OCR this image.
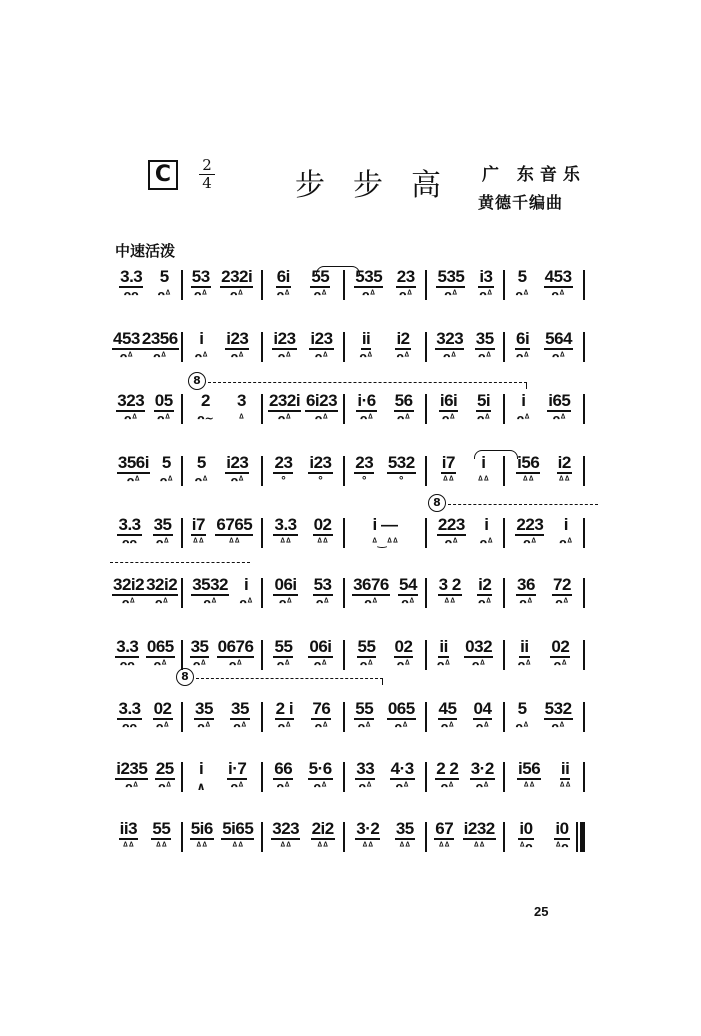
C	2
4	步步高 广 东音乐
黄德千编曲
中速活泼
3.3
ᴖᴖ
5
ᴖᐞ
53
ᴖᐞ
232i
ᴖᐞ
6i
ᴖᐞ
55
ᴖᐞ
535
ᴖᐞ
23
ᴖᐞ
535
ᴖᐞ
i3
ᴖᐞ
5
ᴖᐞ
453
ᴖᐞ
453
ᴖᐞ
2356
ᴖᐞ
i
ᴖᐞ
i23
ᴖᐞ
i23
ᴖᐞ
i23
ᴖᐞ
ii
ᴖᐞ
i2
ᴖᐞ
323
ᴖᐞ
35
ᴖᐞ
6i
ᴖᐞ
564
ᴖᐞ
323
ᴖᐞ
05
ᴖᐞ
2
ᴖ~
3
ᐞ
232i
ᴖᐞ
6i23
ᴖᐞ
i·6
ᴖᐞ
56
ᴖᐞ
i6i
ᴖᐞ
5i
ᴖᐞ
i
ᴖᐞ
i65
ᴖᐞ
356i
ᴖᐞ
5
ᴖᐞ
5
ᴖᐞ
i23
ᴖᐞ
23
°
i23
°
23
°
532
°
i7
ᐞᐞ
i
ᐞᐞ
i56
ᐞᐞ
i2
ᐞᐞ
3.3
ᴖᴖ
35
ᴖᐞ
i7
ᐞᐞ
6765
ᐞᐞ
3.3
ᐞᐞ
02
ᐞᐞ
i —
ᐞ‿ᐞᐞ
223
ᴖᐞ
i
ᴖᐞ
223
ᴖᐞ
i
ᴖᐞ
32i2
ᴖᐞ
32i2
ᴖᐞ
3532
ᴖᐞ
i
ᴖᐞ
06i
ᴖᐞ
53
ᴖᐞ
3676
ᴖᐞ
54
ᴖᐞ
3 2
ᐞᐞ
i2
ᴖᐞ
36
ᴖᐞ
72
ᴖᐞ
3.3
ᴖᴖ
065
ᴖᐞ
35
ᴖᐞ
0676
ᴖᐞ
55
ᴖᐞ
06i
ᴖᐞ
55
ᴖᐞ
02
ᴖᐞ
ii
ᴖᐞ
032
ᴖᐞ
ii
ᴖᐞ
02
ᴖᐞ
3.3
ᴖᴖ
02
ᴖᐞ
35
ᴖᐞ
35
ᴖᐞ
2 i
ᴖᐞ
76
ᴖᐞ
55
ᴖᐞ
065
ᴖᐞ
45
ᴖᐞ
04
ᴖᐞ
5
ᴖᐞ
532
ᴖᐞ
i235
ᴖᐞ
25
ᴖᐞ
i
∧
i·7
ᴖᐞ
66
ᴖᐞ
5·6
ᴖᐞ
33
ᴖᐞ
4·3
ᴖᐞ
2 2
ᴖᐞ
3·2
ᴖᐞ
i56
ᐞᐞ
ii
ᐞᐞ
ii3
ᐞᐞ
55
ᐞᐞ
5i6
ᐞᐞ
5i65
ᐞᐞ
323
ᐞᐞ
2i2
ᐞᐞ
3·2
ᐞᐞ
35
ᐞᐞ
67
ᐞᐞ
i232
ᐞᐞ
i0
ᐞᴖ
i0
ᐞᴖ
8
8
8
25
